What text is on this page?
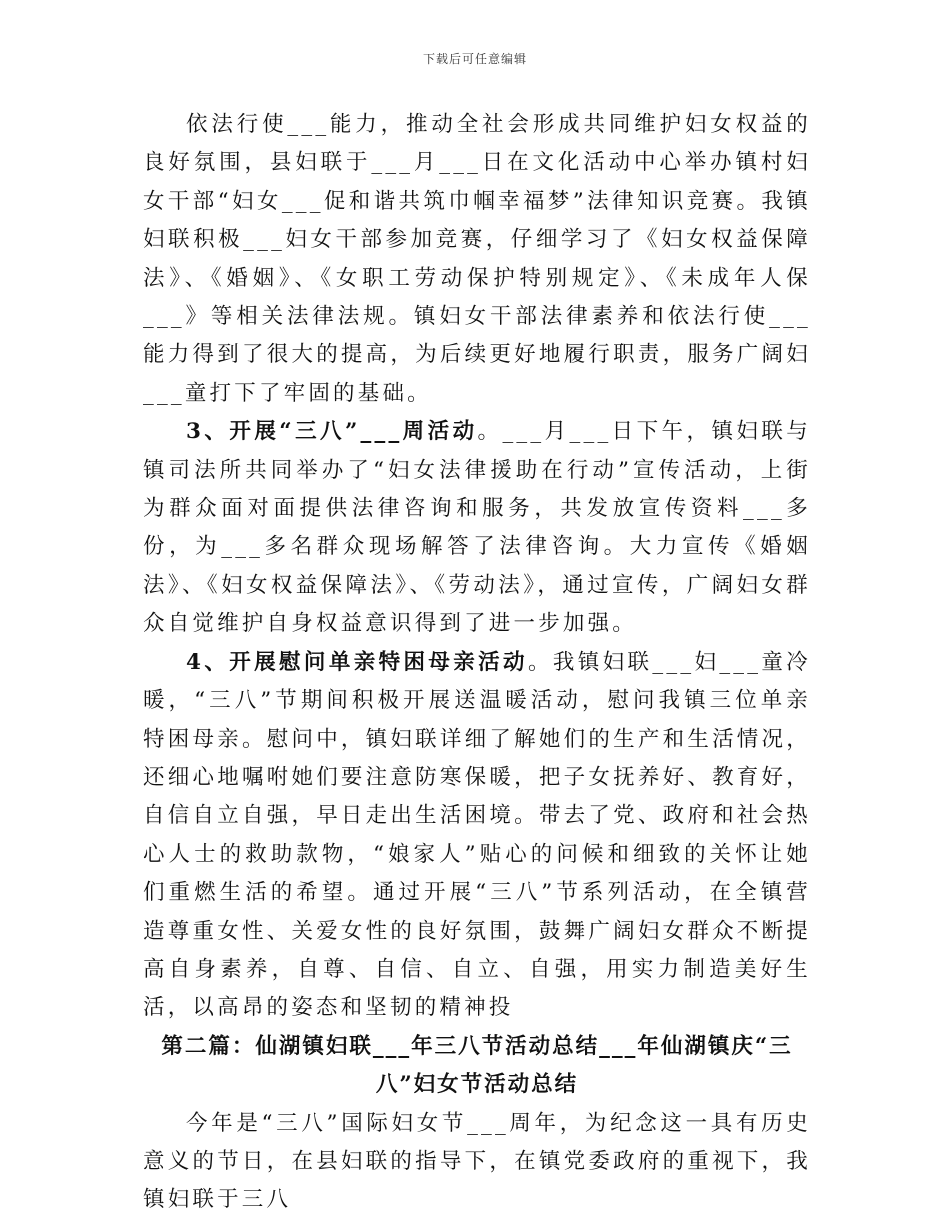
下载后可任意编辑

依法行使___能力，推动全社会形成共同维护妇女权益的良好氛围，县妇联于___月___日在文化活动中心举办镇村妇女干部“妇女___促和谐共筑巾帼幸福梦”法律知识竞赛。我镇妇联积极___妇女干部参加竞赛，仔细学习了《妇女权益保障法》、《婚姻》、《女职工劳动保护特别规定》、《未成年人保___》等相关法律法规。镇妇女干部法律素养和依法行使___能力得到了很大的提高，为后续更好地履行职责，服务广阔妇___童打下了牢固的基础。

3、开展“三八”___周活动。___月___日下午，镇妇联与镇司法所共同举办了“妇女法律援助在行动”宣传活动，上街为群众面对面提供法律咨询和服务，共发放宣传资料___多份，为___多名群众现场解答了法律咨询。大力宣传《婚姻法》、《妇女权益保障法》、《劳动法》，通过宣传，广阔妇女群众自觉维护自身权益意识得到了进一步加强。

4、开展慰问单亲特困母亲活动。我镇妇联___妇___童冷暖，“三八”节期间积极开展送温暖活动，慰问我镇三位单亲特困母亲。慰问中，镇妇联详细了解她们的生产和生活情况，还细心地嘱咐她们要注意防寒保暖，把子女抚养好、教育好，自信自立自强，早日走出生活困境。带去了党、政府和社会热心人士的救助款物，“娘家人”贴心的问候和细致的关怀让她们重燃生活的希望。通过开展“三八”节系列活动，在全镇营造尊重女性、关爱女性的良好氛围，鼓舞广阔妇女群众不断提高自身素养，自尊、自信、自立、自强，用实力制造美好生活，以高昂的姿态和坚韧的精神投

第二篇：仙湖镇妇联___年三八节活动总结___年仙湖镇庆“三
八”妇女节活动总结

今年是“三八”国际妇女节___周年，为纪念这一具有历史意义的节日，在县妇联的指导下，在镇党委政府的重视下，我镇妇联于三八
